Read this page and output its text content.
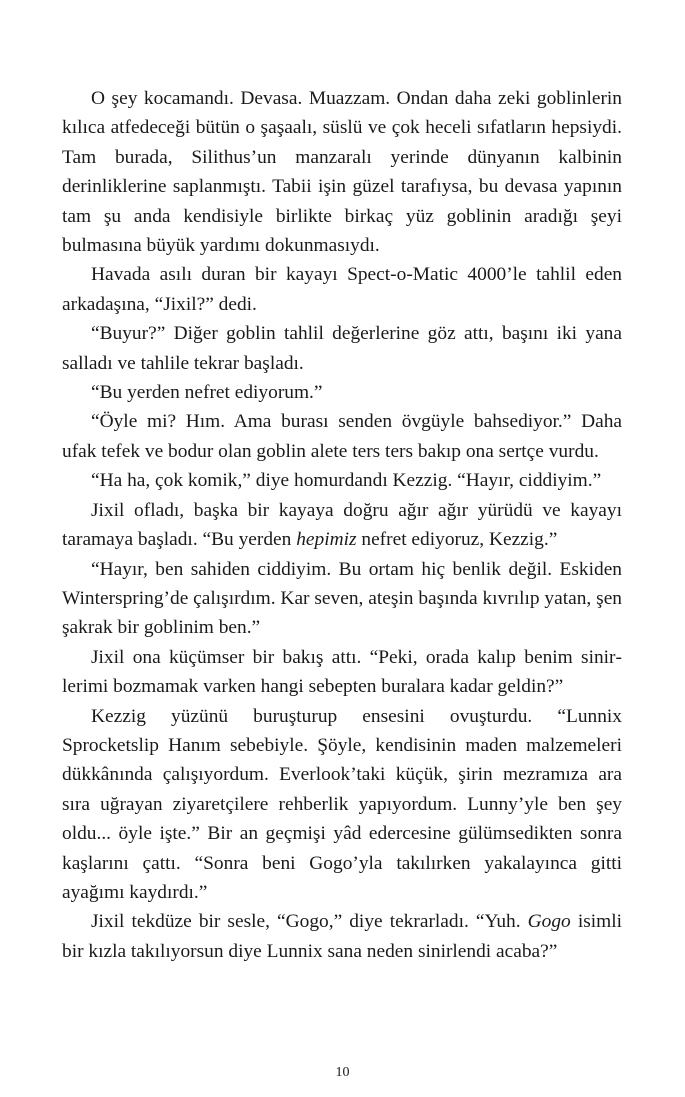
O şey kocamandı. Devasa. Muazzam. Ondan daha zeki goblinlerin kılıca atfedeceği bütün o şaşaalı, süslü ve çok heceli sıfatların hepsiydi. Tam burada, Silithus’un manzaralı yerinde dünyanın kalbinin derinliklerine saplanmıştı. Tabii işin güzel tarafıysa, bu devasa yapının tam şu anda kendisiyle birlikte birkaç yüz goblinin aradığı şeyi bulmasına büyük yardımı dokunmasıydı.

Havada asılı duran bir kayayı Spect-o-Matic 4000’le tahlil eden arkadaşına, “Jixil?” dedi.

“Buyur?” Diğer goblin tahlil değerlerine göz attı, başını iki yana salladı ve tahlile tekrar başladı.

“Bu yerden nefret ediyorum.”

“Öyle mi? Hım. Ama burası senden övgüyle bahsediyor.” Daha ufak tefek ve bodur olan goblin alete ters ters bakıp ona sertçe vurdu.

“Ha ha, çok komik,” diye homurdandı Kezzig. “Hayır, ciddiyim.”

Jixil ofladı, başka bir kayaya doğru ağır ağır yürüdü ve kayayı taramaya başladı. “Bu yerden hepimiz nefret ediyoruz, Kezzig.”

“Hayır, ben sahiden ciddiyim. Bu ortam hiç benlik değil. Eskiden Winterspring’de çalışırdım. Kar seven, ateşin başında kıvrılıp yatan, şen şakrak bir goblinim ben.”

Jixil ona küçümser bir bakış attı. “Peki, orada kalıp benim sinirlerimi bozmamak varken hangi sebepten buralara kadar geldin?”

Kezzig yüzünü buruşturup ensesini ovuşturdu. “Lunnix Sprocketslip Hanım sebebiyle. Şöyle, kendisinin maden malzemeleri dükkânında çalışıyordum. Everlook’taki küçük, şirin mezramıza ara sıra uğrayan ziyaretçilere rehberlik yapıyordum. Lunny’yle ben şey oldu... öyle işte.” Bir an geçmişi yâd edercesine gülümsedikten sonra kaşlarını çattı. “Sonra beni Gogo’yla takılırken yakalayınca gitti ayağımı kaydırdı.”

Jixil tekdüze bir sesle, “Gogo,” diye tekrarladı. “Yuh. Gogo isimli bir kızla takılıyorsun diye Lunnix sana neden sinirlendi acaba?”

10
